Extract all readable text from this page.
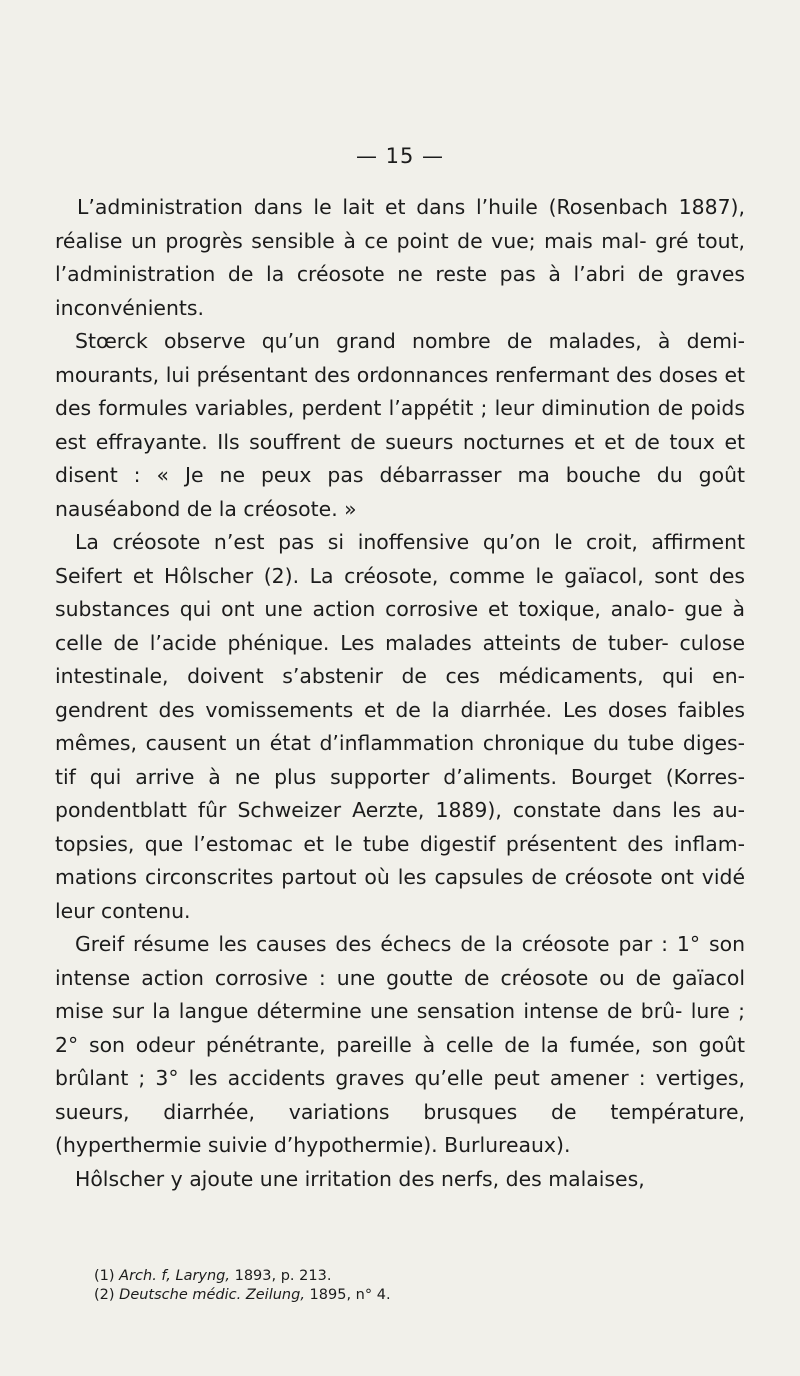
— 15 —

L’administration dans le lait et dans l’huile (Rosenbach 1887), réalise un progrès sensible à ce point de vue; mais mal- gré tout, l’administration de la créosote ne reste pas à l’abri de graves inconvénients.

Stœrck observe qu’un grand nombre de malades, à demi- mourants, lui présentant des ordonnances renfermant des doses et des formules variables, perdent l’appétit ; leur diminution de poids est effrayante. Ils souffrent de sueurs nocturnes et et de toux et disent : « Je ne peux pas débarrasser ma bouche du goût nauséabond de la créosote. »

La créosote n’est pas si inoffensive qu’on le croit, affirment Seifert et Hôlscher (2). La créosote, comme le gaïacol, sont des substances qui ont une action corrosive et toxique, analo- gue à celle de l’acide phénique. Les malades atteints de tuber- culose intestinale, doivent s’abstenir de ces médicaments, qui en- gendrent des vomissements et de la diarrhée. Les doses faibles mêmes, causent un état d’inflammation chronique du tube diges- tif qui arrive à ne plus supporter d’aliments. Bourget (Korres- pondentblatt fûr Schweizer Aerzte, 1889), constate dans les au- topsies, que l’estomac et le tube digestif présentent des inflam- mations circonscrites partout où les capsules de créosote ont vidé leur contenu.

Greif résume les causes des échecs de la créosote par : 1° son intense action corrosive : une goutte de créosote ou de gaïacol mise sur la langue détermine une sensation intense de brû- lure ; 2° son odeur pénétrante, pareille à celle de la fumée, son goût brûlant ; 3° les accidents graves qu’elle peut amener : vertiges, sueurs, diarrhée, variations brusques de température, (hyperthermie suivie d’hypothermie). Burlureaux).

Hôlscher y ajoute une irritation des nerfs, des malaises,

(1) Arch. f, Laryng, 1893, p. 213.

(2) Deutsche médic. Zeilung, 1895, n° 4.
